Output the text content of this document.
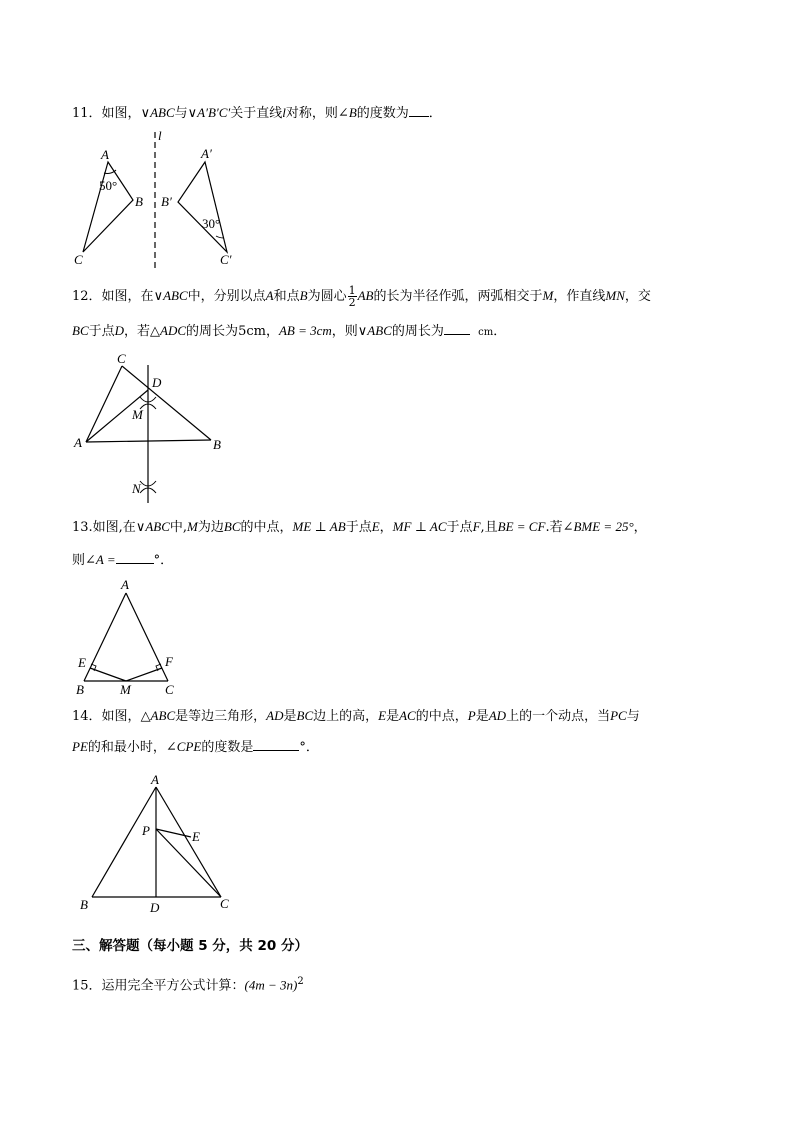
11．如图，∨ABC与∨A′B′C′关于直线l对称，则∠B的度数为 ．
A
B
C
50°
l
A′
B′
30°
C′
12．如图，在∨ABC中，分别以点A和点B为圆心 $\frac{1}{2}$ AB的长为半径作弧，两弧相交于M，作直线MN，交
BC于点D，若△ADC的周长为5cm，AB = 3cm，则∨ABC的周长为	cm．
C
D
M
A	B
N
13.如图,在∨ABC中,M为边BC的中点，ME ⊥ AB于点E，MF ⊥ AC于点F,且BE = CF.若∠BME = 25°，
则∠A =	°．
A
E	F
B	M	C
14．如图，△ABC是等边三角形，AD是BC边上的高，E是AC的中点，P是AD上的一个动点，当PC与
PE的和最小时，∠CPE的度数是	°．
A
P	E
B	D	C
三、解答题（每小题 5 分，共 20 分）
15．运用完全平方公式计算：$(4m - 3n)^2$
